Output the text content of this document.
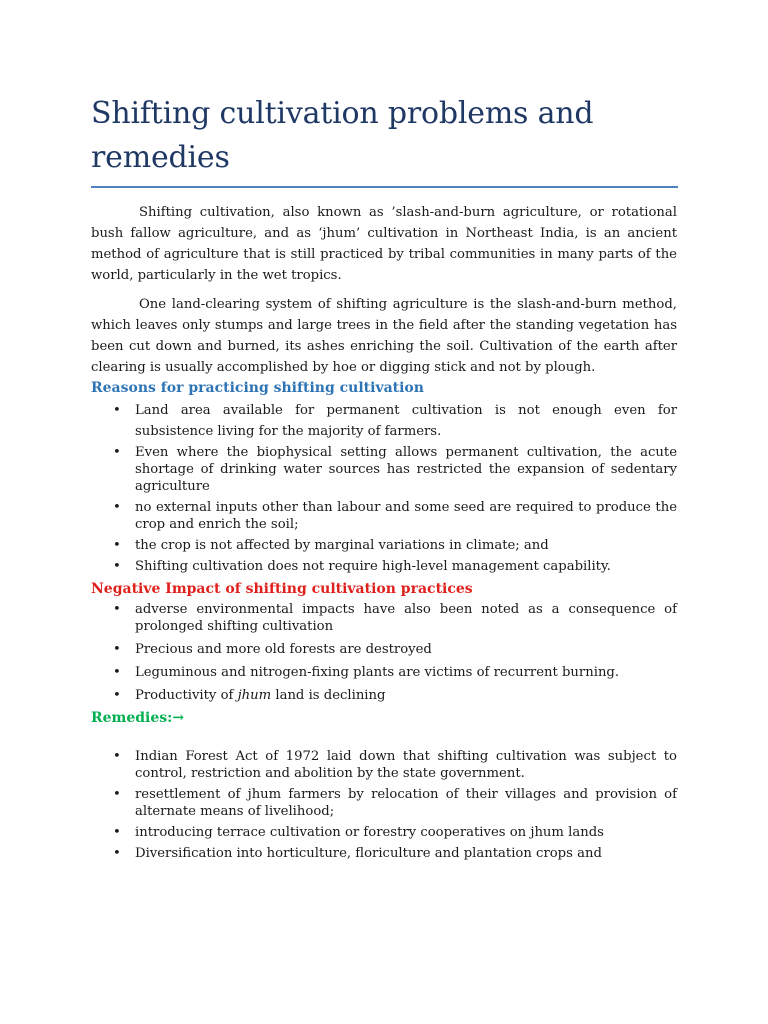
Shifting cultivation problems and remedies

Shifting cultivation, also known as ’slash-and-burn agriculture, or rotational bush fallow agriculture, and as ‘jhum’ cultivation in Northeast India, is an ancient method of agriculture that is still practiced by tribal communities in many parts of the world, particularly in the wet tropics.

One land-clearing system of shifting agriculture is the slash-and-burn method, which leaves only stumps and large trees in the field after the standing vegetation has been cut down and burned, its ashes enriching the soil. Cultivation of the earth after clearing is usually accomplished by hoe or digging stick and not by plough.

Reasons for practicing shifting cultivation
• Land area available for permanent cultivation is not enough even for subsistence living for the majority of farmers.
• Even where the biophysical setting allows permanent cultivation, the acute shortage of drinking water sources has restricted the expansion of sedentary agriculture
• no external inputs other than labour and some seed are required to produce the crop and enrich the soil;
• the crop is not affected by marginal variations in climate; and
• Shifting cultivation does not require high-level management capability.
Negative Impact of shifting cultivation practices
• adverse environmental impacts have also been noted as a consequence of prolonged shifting cultivation
• Precious and more old forests are destroyed
• Leguminous and nitrogen-fixing plants are victims of recurrent burning.
• Productivity of jhum land is declining
Remedies:→
• Indian Forest Act of 1972 laid down that shifting cultivation was subject to control, restriction and abolition by the state government.
• resettlement of jhum farmers by relocation of their villages and provision of alternate means of livelihood;
• introducing terrace cultivation or forestry cooperatives on jhum lands
• Diversification into horticulture, floriculture and plantation crops and
